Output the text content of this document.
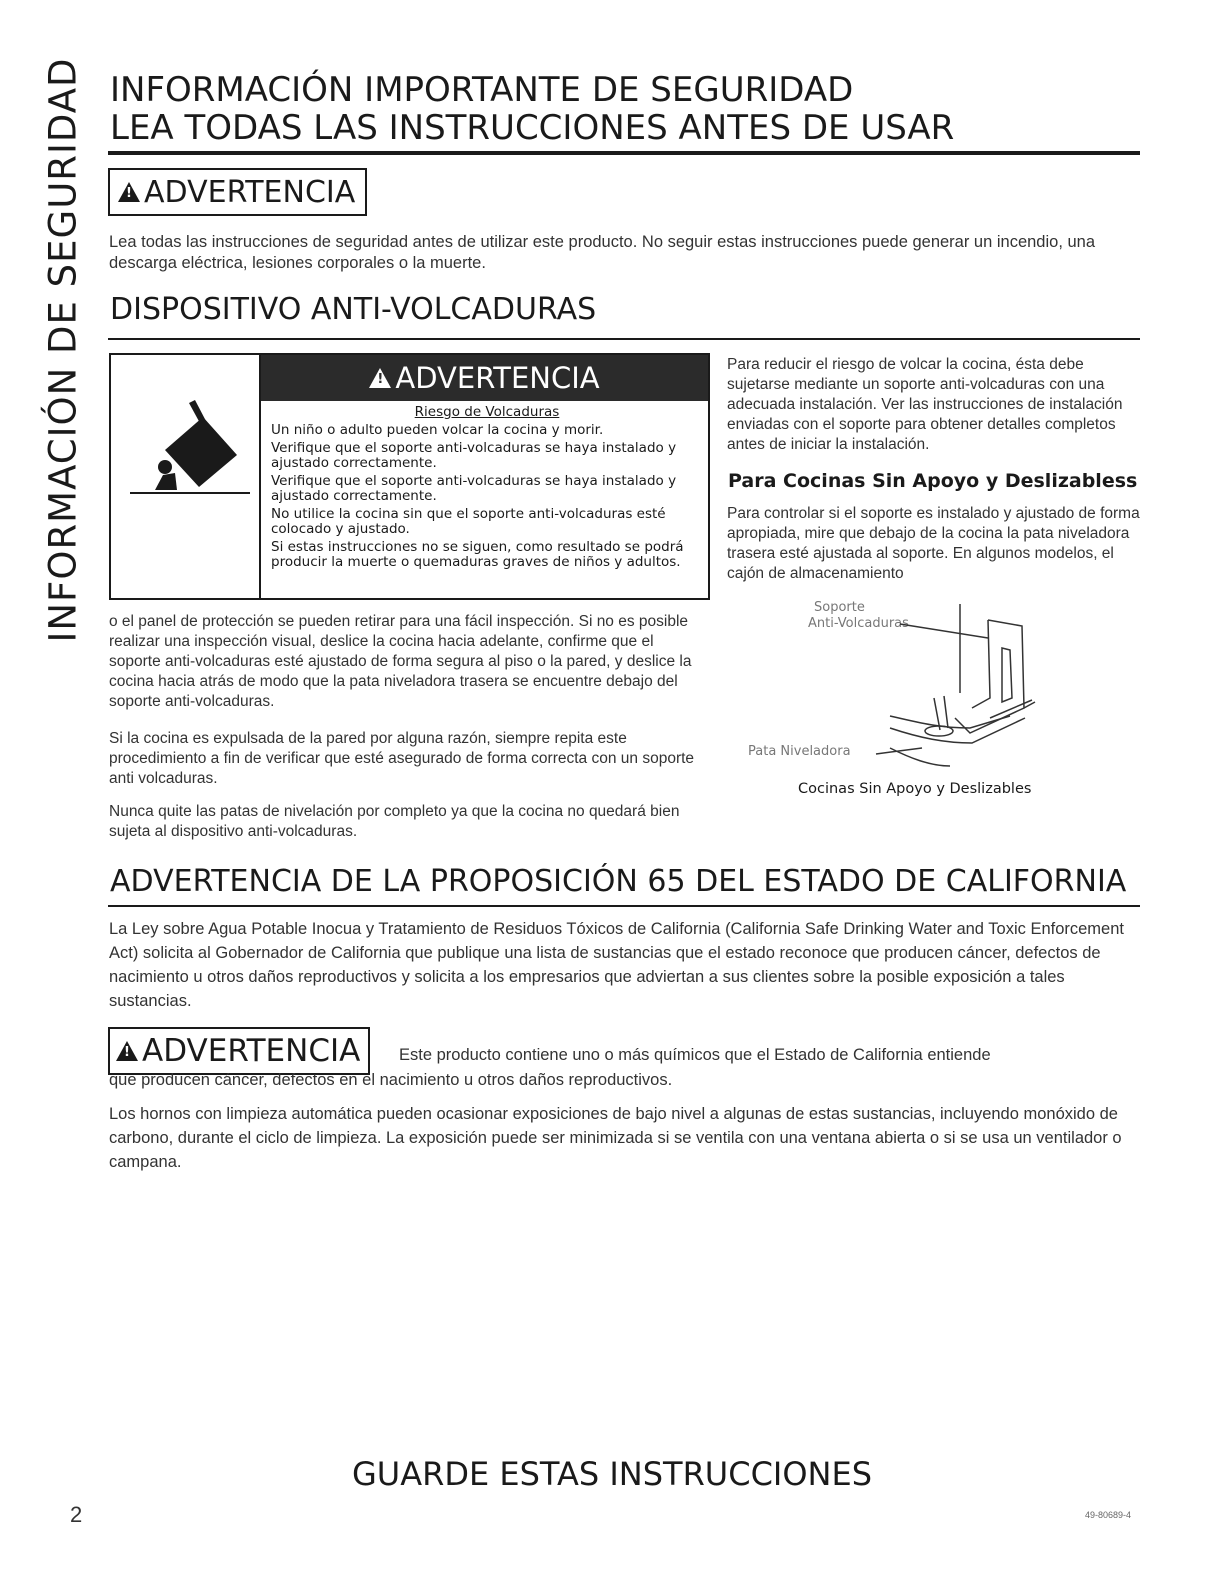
INFORMACIÓN DE SEGURIDAD INFORMACIÓN IMPORTANTE DE SEGURIDAD
LEA TODAS LAS INSTRUCCIONES ANTES DE USAR
!
ADVERTENCIA

Lea todas las instrucciones de seguridad antes de utilizar este producto. No seguir estas instrucciones puede generar un incendio, una descarga eléctrica, lesiones corporales o la muerte.

DISPOSITIVO ANTI-VOLCADURAS
!
ADVERTENCIA
Riesgo de Volcaduras
Un niño o adulto pueden volcar la cocina y morir.
Verifique que el soporte anti-volcaduras se haya instalado y ajustado correctamente.
Verifique que el soporte anti-volcaduras se haya instalado y ajustado correctamente.
No utilice la cocina sin que el soporte anti-volcaduras esté colocado y ajustado.
Si estas instrucciones no se siguen, como resultado se podrá producir la muerte o quemaduras graves de niños y adultos.

Para reducir el riesgo de volcar la cocina, ésta debe sujetarse mediante un soporte anti-volcaduras con una adecuada instalación. Ver las instrucciones de instalación enviadas con el soporte para obtener detalles completos antes de iniciar la instalación.

Para Cocinas Sin Apoyo y Deslizabless

Para controlar si el soporte es instalado y ajustado de forma apropiada, mire que debajo de la cocina la pata niveladora trasera esté ajustada al soporte. En algunos modelos, el cajón de almacenamiento

o el panel de protección se pueden retirar para una fácil inspección. Si no es posible realizar una inspección visual, deslice la cocina hacia adelante, confirme que el soporte anti-volcaduras esté ajustado de forma segura al piso o la pared, y deslice la cocina hacia atrás de modo que la pata niveladora trasera se encuentre debajo del soporte anti-volcaduras.

Si la cocina es expulsada de la pared por alguna razón, siempre repita este procedimiento a fin de verificar que esté asegurado de forma correcta con un soporte anti volcaduras.

Nunca quite las patas de nivelación por completo ya que la cocina no quedará bien sujeta al dispositivo anti-volcaduras.

Soporte
Anti-Volcaduras
Pata Niveladora
Cocinas Sin Apoyo y Deslizables
ADVERTENCIA DE LA PROPOSICIÓN 65 DEL ESTADO DE CALIFORNIA

La Ley sobre Agua Potable Inocua y Tratamiento de Residuos Tóxicos de California (California Safe Drinking Water and Toxic Enforcement Act) solicita al Gobernador de California que publique una lista de sustancias que el estado reconoce que producen cáncer, defectos de nacimiento u otros daños reproductivos y solicita a los empresarios que adviertan a sus clientes sobre la posible exposición a tales sustancias.

!
ADVERTENCIA Este producto contiene uno o más químicos que el Estado de California entiende

que producen cáncer, defectos en el nacimiento u otros daños reproductivos.

Los hornos con limpieza automática pueden ocasionar exposiciones de bajo nivel a algunas de estas sustancias, incluyendo monóxido de carbono, durante el ciclo de limpieza. La exposición puede ser minimizada si se ventila con una ventana abierta o si se usa un ventilador o campana.

GUARDE ESTAS INSTRUCCIONES
2	49-80689-4
